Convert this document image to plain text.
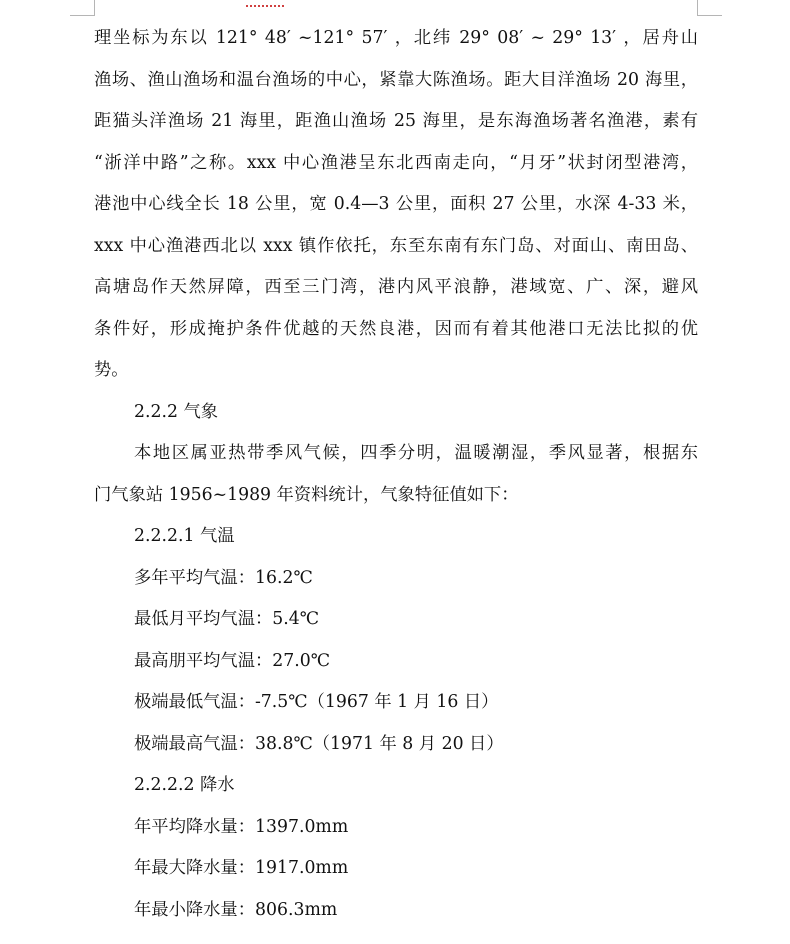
理坐标为东以 121° 48′ ~121° 57′ ，北纬 29° 08′ ~ 29° 13′ ，居舟山
渔场、渔山渔场和温台渔场的中心，紧靠大陈渔场。距大目洋渔场 20 海里，
距猫头洋渔场 21 海里，距渔山渔场 25 海里，是东海渔场著名渔港，素有
“浙洋中路”之称。xxx 中心渔港呈东北西南走向，“月牙”状封闭型港湾，
港池中心线全长 18 公里，宽 0.4—3 公里，面积 27 公里，水深 4-33 米，
xxx 中心渔港西北以 xxx 镇作依托，东至东南有东门岛、对面山、南田岛、
高塘岛作天然屏障，西至三门湾，港内风平浪静，港域宽、广、深，避风
条件好，形成掩护条件优越的天然良港，因而有着其他港口无法比拟的优
势。
2.2.2 气象
本地区属亚热带季风气候，四季分明，温暖潮湿，季风显著，根据东
门气象站 1956~1989 年资料统计，气象特征值如下：
2.2.2.1 气温
多年平均气温：16.2℃
最低月平均气温：5.4℃
最高朋平均气温：27.0℃
极端最低气温：-7.5℃（1967 年 1 月 16 日）
极端最高气温：38.8℃（1971 年 8 月 20 日）
2.2.2.2 降水
年平均降水量：1397.0mm
年最大降水量：1917.0mm
年最小降水量：806.3mm
